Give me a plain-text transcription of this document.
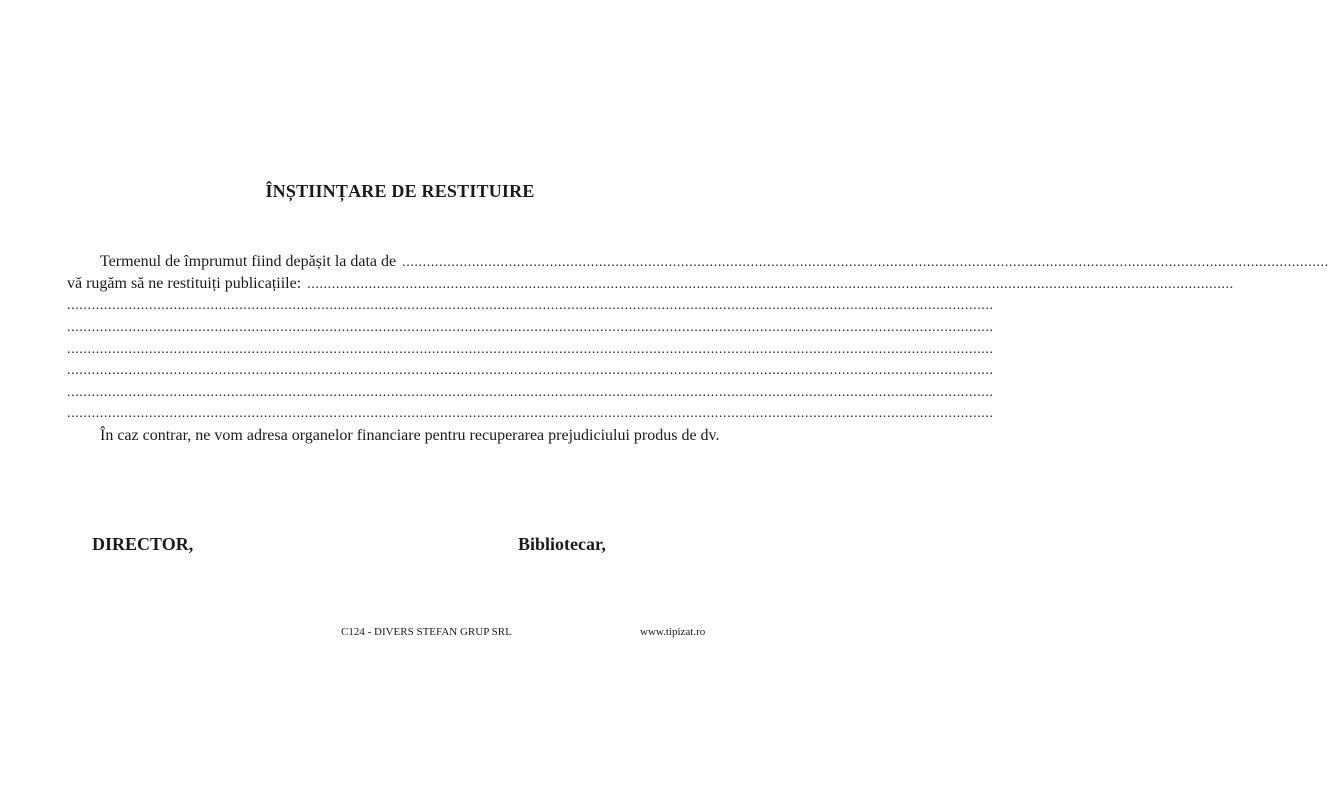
ÎNȘTIINȚARE DE RESTITUIRE
Termenul de împrumut fiind depășit la data de ..................................................................................................................................................................................................................................
vă rugăm să ne restituiți publicațiile: ..................................................................................................................................................................................................................................
..................................................................................................................................................................................................................................
..................................................................................................................................................................................................................................
..................................................................................................................................................................................................................................
..................................................................................................................................................................................................................................
..................................................................................................................................................................................................................................
..................................................................................................................................................................................................................................
În caz contrar, ne vom adresa organelor financiare pentru recuperarea prejudiciului produs de dv.
DIRECTOR,	Bibliotecar,
C124 - DIVERS STEFAN GRUP SRL	www.tipizat.ro
